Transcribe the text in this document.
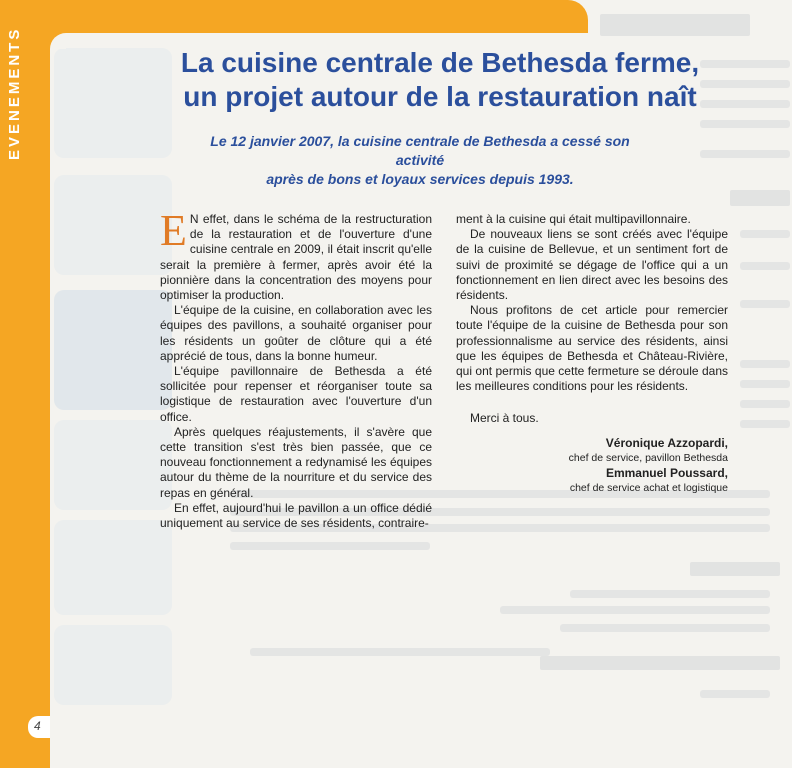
EVENEMENTS
4
La cuisine centrale de Bethesda ferme,
un projet autour de la restauration naît
Le 12 janvier 2007, la cuisine centrale de Bethesda a cessé son activité
après de bons et loyaux services depuis 1993.

E N effet, dans le schéma de la restructuration de la restauration et de l'ouverture d'une cuisine centrale en 2009, il était inscrit qu'elle serait la première à fermer, après avoir été la pionnière dans la concentration des moyens pour optimiser la production.

L'équipe de la cuisine, en collaboration avec les équipes des pavillons, a souhaité organiser pour les résidents un goûter de clôture qui a été apprécié de tous, dans la bonne humeur.

L'équipe pavillonnaire de Bethesda a été sollicitée pour repenser et réorganiser toute sa logistique de restauration avec l'ouverture d'un office.

Après quelques réajustements, il s'avère que cette transition s'est très bien passée, que ce nouveau fonctionnement a redynamisé les équipes autour du thème de la nourriture et du service des repas en général.

En effet, aujourd'hui le pavillon a un office dédié uniquement au service de ses résidents, contraire-

ment à la cuisine qui était multipavillonnaire.

De nouveaux liens se sont créés avec l'équipe de la cuisine de Bellevue, et un sentiment fort de suivi de proximité se dégage de l'office qui a un fonctionnement en lien direct avec les besoins des résidents.

Nous profitons de cet article pour remercier toute l'équipe de la cuisine de Bethesda pour son professionnalisme au service des résidents, ainsi que les équipes de Bethesda et Château-Rivière, qui ont permis que cette fermeture se déroule dans les meilleures conditions pour les résidents.

Merci à tous.

Véronique Azzopardi,
chef de service, pavillon Bethesda
Emmanuel Poussard,
chef de service achat et logistique
